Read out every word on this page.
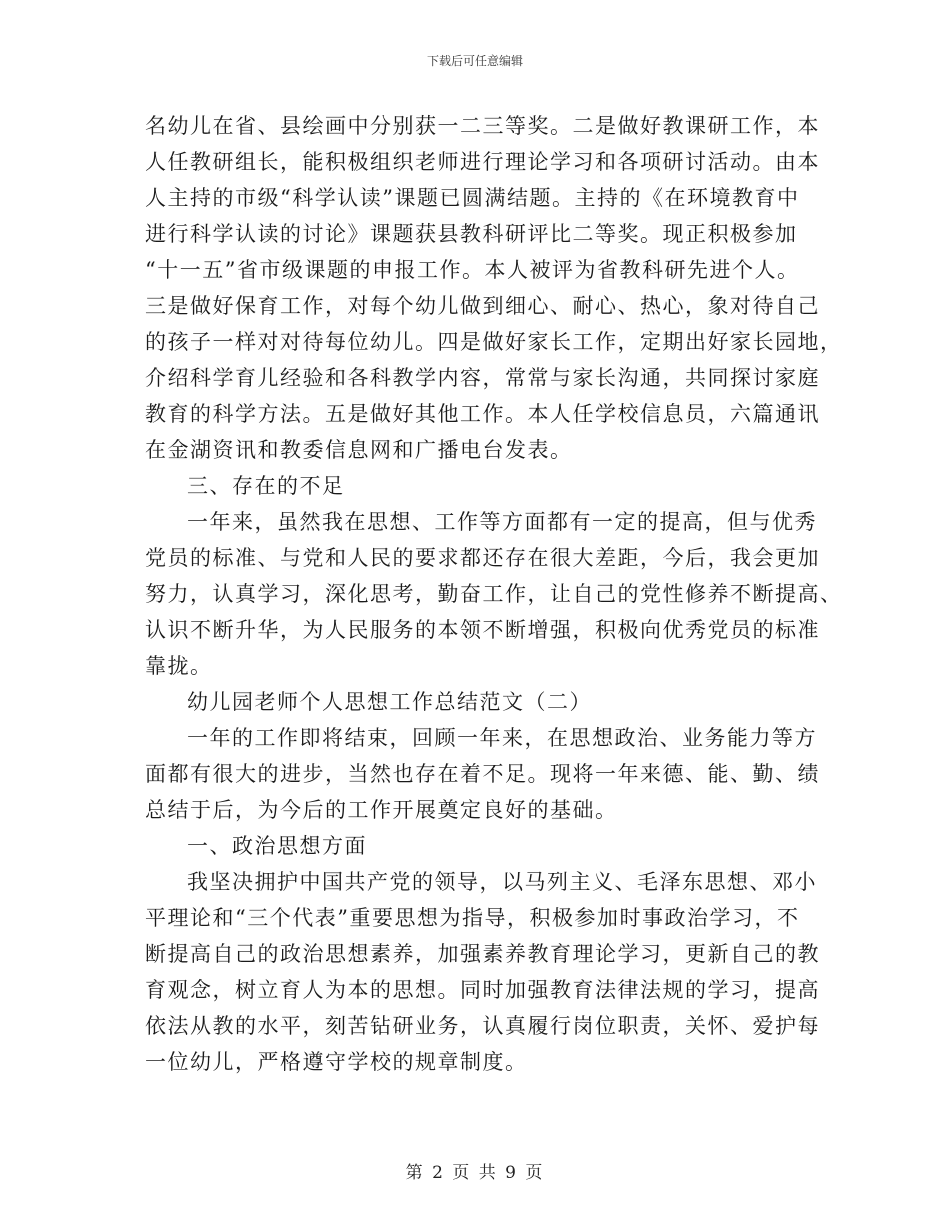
下载后可任意编辑
名幼儿在省、县绘画中分别获一二三等奖。二是做好教课研工作，本
人任教研组长，能积极组织老师进行理论学习和各项研讨活动。由本
人主持的市级“科学认读”课题已圆满结题。主持的《在环境教育中
进行科学认读的讨论》课题获县教科研评比二等奖。现正积极参加
“十一五”省市级课题的申报工作。本人被评为省教科研先进个人。
三是做好保育工作，对每个幼儿做到细心、耐心、热心，象对待自己
的孩子一样对对待每位幼儿。四是做好家长工作，定期出好家长园地，
介绍科学育儿经验和各科教学内容，常常与家长沟通，共同探讨家庭
教育的科学方法。五是做好其他工作。本人任学校信息员，六篇通讯
在金湖资讯和教委信息网和广播电台发表。
三、存在的不足
一年来，虽然我在思想、工作等方面都有一定的提高，但与优秀
党员的标准、与党和人民的要求都还存在很大差距，今后，我会更加
努力，认真学习，深化思考，勤奋工作，让自己的党性修养不断提高、
认识不断升华，为人民服务的本领不断增强，积极向优秀党员的标准
靠拢。
幼儿园老师个人思想工作总结范文（二）
一年的工作即将结束，回顾一年来，在思想政治、业务能力等方
面都有很大的进步，当然也存在着不足。现将一年来德、能、勤、绩
总结于后，为今后的工作开展奠定良好的基础。
一、政治思想方面
我坚决拥护中国共产党的领导，以马列主义、毛泽东思想、邓小
平理论和“三个代表”重要思想为指导，积极参加时事政治学习，不
断提高自己的政治思想素养，加强素养教育理论学习，更新自己的教
育观念，树立育人为本的思想。同时加强教育法律法规的学习，提高
依法从教的水平，刻苦钻研业务，认真履行岗位职责，关怀、爱护每
一位幼儿，严格遵守学校的规章制度。
第 2 页 共 9 页
